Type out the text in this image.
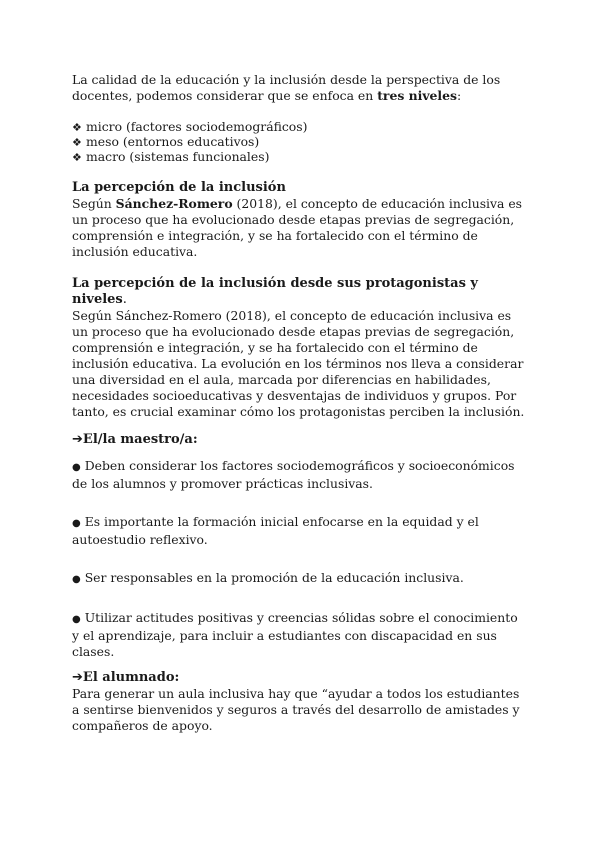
La calidad de la educación y la inclusión desde la perspectiva de los docentes, podemos considerar que se enfoca en tres niveles:

❖ micro (factores sociodemográficos)
❖ meso (entornos educativos)
❖ macro (sistemas funcionales)
La percepción de la inclusión

Según Sánchez-Romero (2018), el concepto de educación inclusiva es un proceso que ha evolucionado desde etapas previas de segregación, comprensión e integración, y se ha fortalecido con el término de inclusión educativa.

La percepción de la inclusión desde sus protagonistas y niveles.

Según Sánchez-Romero (2018), el concepto de educación inclusiva es un proceso que ha evolucionado desde etapas previas de segregación, comprensión e integración, y se ha fortalecido con el término de inclusión educativa. La evolución en los términos nos lleva a considerar una diversidad en el aula, marcada por diferencias en habilidades, necesidades socioeducativas y desventajas de individuos y grupos. Por tanto, es crucial examinar cómo los protagonistas perciben la inclusión.

➔El/la maestro/a:

● Deben considerar los factores sociodemográficos y socioeconómicos de los alumnos y promover prácticas inclusivas.

● Es importante la formación inicial enfocarse en la equidad y el autoestudio reflexivo.

● Ser responsables en la promoción de la educación inclusiva.

● Utilizar actitudes positivas y creencias sólidas sobre el conocimiento y el aprendizaje, para incluir a estudiantes con discapacidad en sus clases.

➔El alumnado:

Para generar un aula inclusiva hay que “ayudar a todos los estudiantes a sentirse bienvenidos y seguros a través del desarrollo de amistades y compañeros de apoyo.
